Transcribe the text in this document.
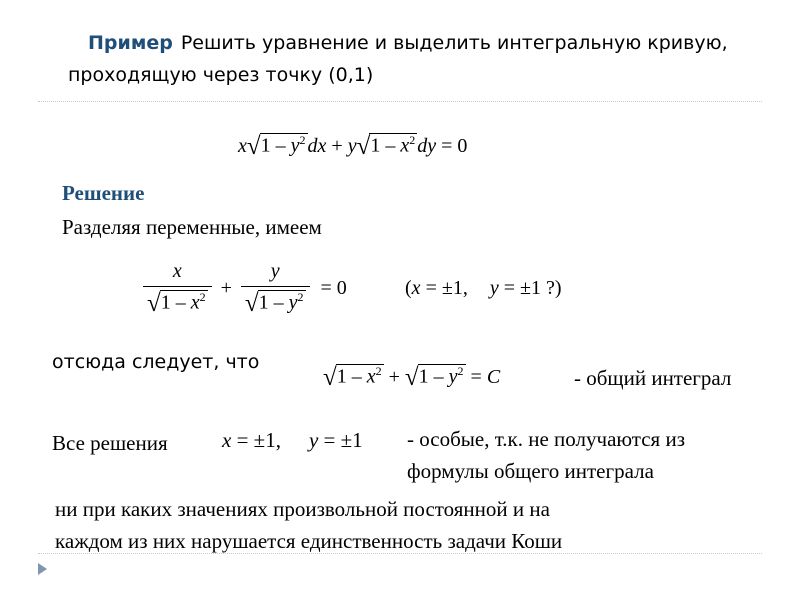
Пример Решить уравнение и выделить интегральную кривую,
проходящую через точку (0,1)
$x√1 - y^2$ dx + $y√1 - x^2$ dy = 0
Решение
Разделяя переменные, имеем
$\frac{x}{√1 - x^2} + \frac{y}{√1 - y^2} = 0$	(x = ±1, y = ±1 ?)
отсюда следует, что
$√1 - x^2 + √1 - y^2 = C$	- общий интеграл
Все решения	x = ±1, y = ±1 - особые, т.к. не получаются из
формулы общего интеграла
ни при каких значениях произвольной постоянной и на
каждом из них нарушается единственность задачи Коши
